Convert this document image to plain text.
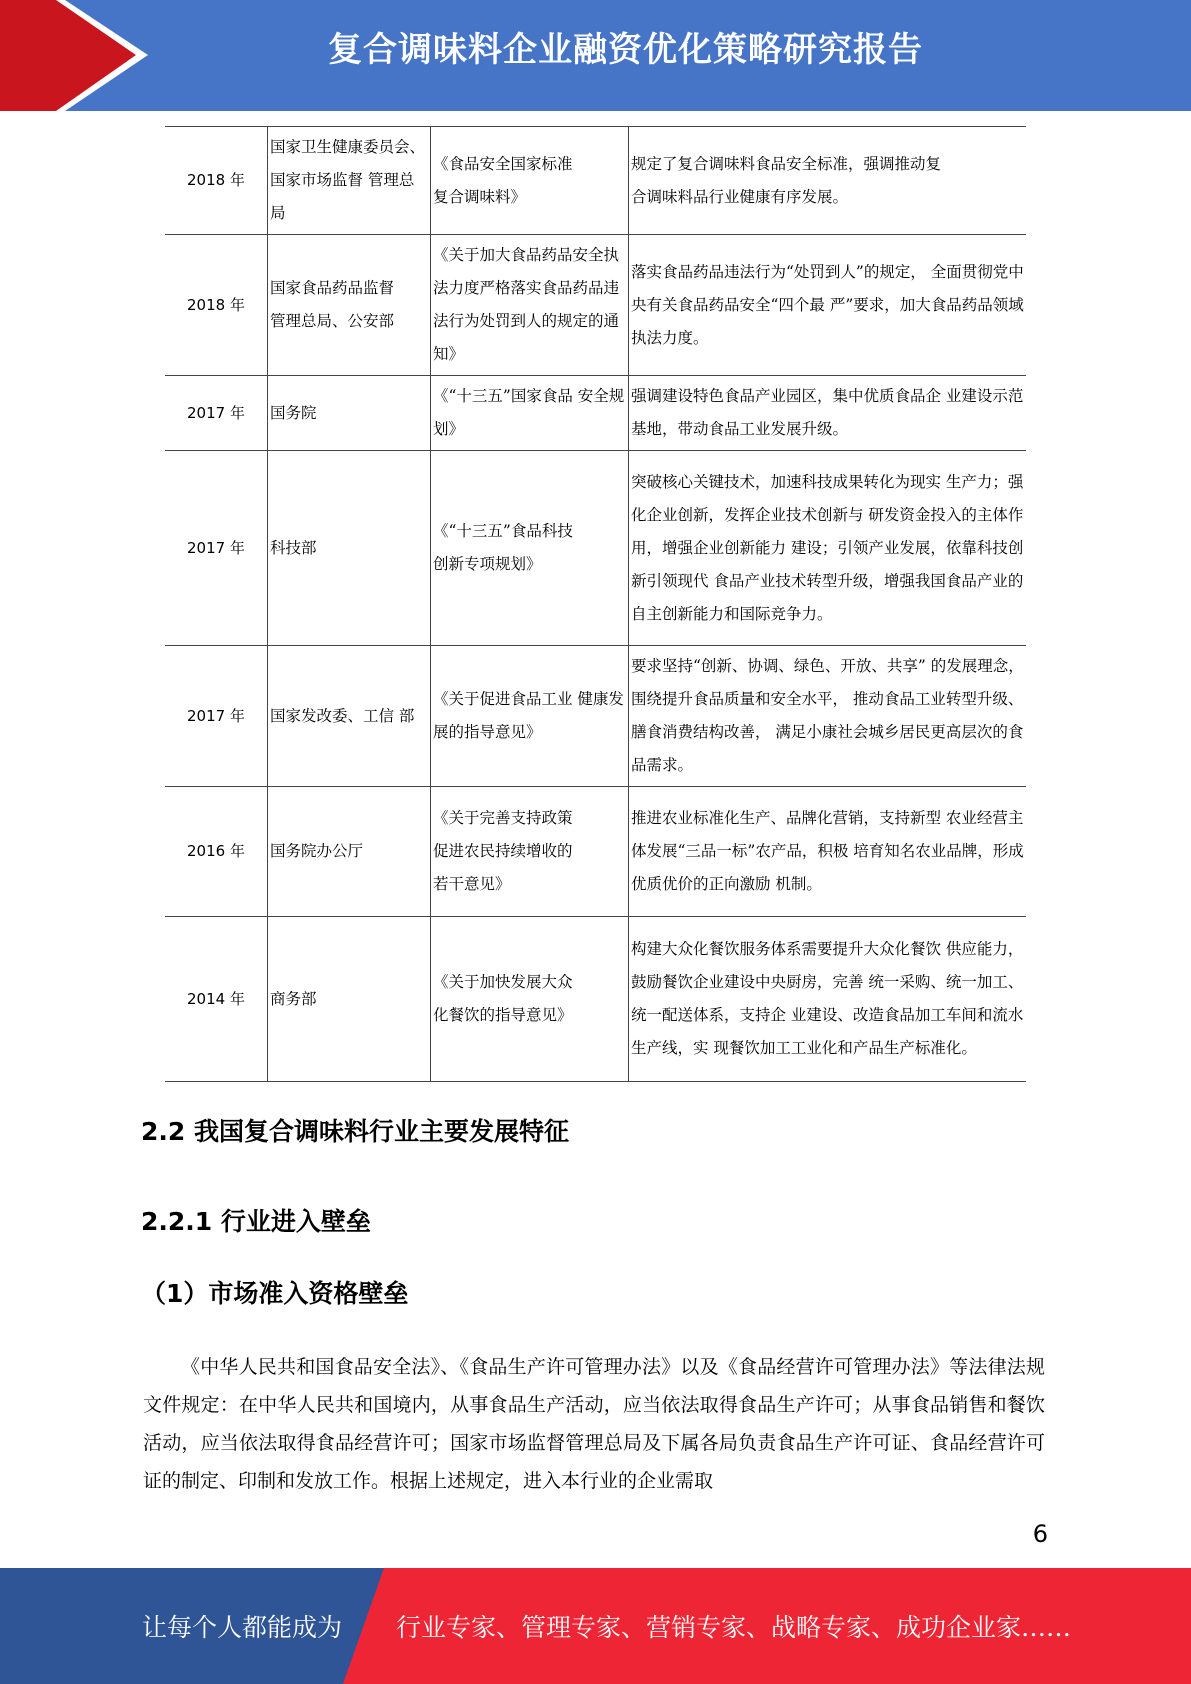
复合调味料企业融资优化策略研究报告
2018 年	国家卫生健康委员会、国家市场监督 管理总局	《食品安全国家标准
复合调味料》	规定了复合调味料食品安全标准，强调推动复
合调味料品行业健康有序发展。

2018 年	国家食品药品监督
管理总局、公安部	《关于加大食品药品安全执法力度严格落实食品药品违法行为处罚到人的规定的通知》	落实食品药品违法行为“处罚到人”的规定， 全面贯彻党中央有关食品药品安全“四个最 严”要求，加大食品药品领域执法力度。

2017 年	国务院	《“十三五”国家食品 安全规划》	强调建设特色食品产业园区，集中优质食品企 业建设示范基地，带动食品工业发展升级。

2017 年	科技部	《“十三五”食品科技
创新专项规划》	突破核心关键技术，加速科技成果转化为现实 生产力；强化企业创新，发挥企业技术创新与 研发资金投入的主体作用，增强企业创新能力 建设；引领产业发展，依靠科技创新引领现代 食品产业技术转型升级，增强我国食品产业的 自主创新能力和国际竞争力。

2017 年	国家发改委、工信 部	《关于促进食品工业 健康发展的指导意见》	要求坚持“创新、协调、绿色、开放、共享” 的发展理念，围绕提升食品质量和安全水平， 推动食品工业转型升级、膳食消费结构改善， 满足小康社会城乡居民更高层次的食品需求。

2016 年	国务院办公厅	《关于完善支持政策
促进农民持续增收的
若干意见》	推进农业标准化生产、品牌化营销，支持新型 农业经营主体发展“三品一标”农产品，积极 培育知名农业品牌，形成优质优价的正向激励 机制。

2014 年	商务部	《关于加快发展大众
化餐饮的指导意见》	构建大众化餐饮服务体系需要提升大众化餐饮 供应能力，鼓励餐饮企业建设中央厨房，完善 统一采购、统一加工、统一配送体系，支持企 业建设、改造食品加工车间和流水生产线，实 现餐饮加工工业化和产品生产标准化。
2.2 我国复合调味料行业主要发展特征
2.2.1 行业进入壁垒
（1）市场准入资格壁垒
《中华人民共和国食品安全法》、《食品生产许可管理办法》以及《食品经营许可管理办法》等法律法规文件规定：在中华人民共和国境内，从事食品生产活动，应当依法取得食品生产许可；从事食品销售和餐饮活动，应当依法取得食品经营许可；国家市场监督管理总局及下属各局负责食品生产许可证、食品经营许可证的制定、印制和发放工作。根据上述规定，进入本行业的企业需取
6
让每个人都能成为 行业专家、管理专家、营销专家、战略专家、成功企业家……
